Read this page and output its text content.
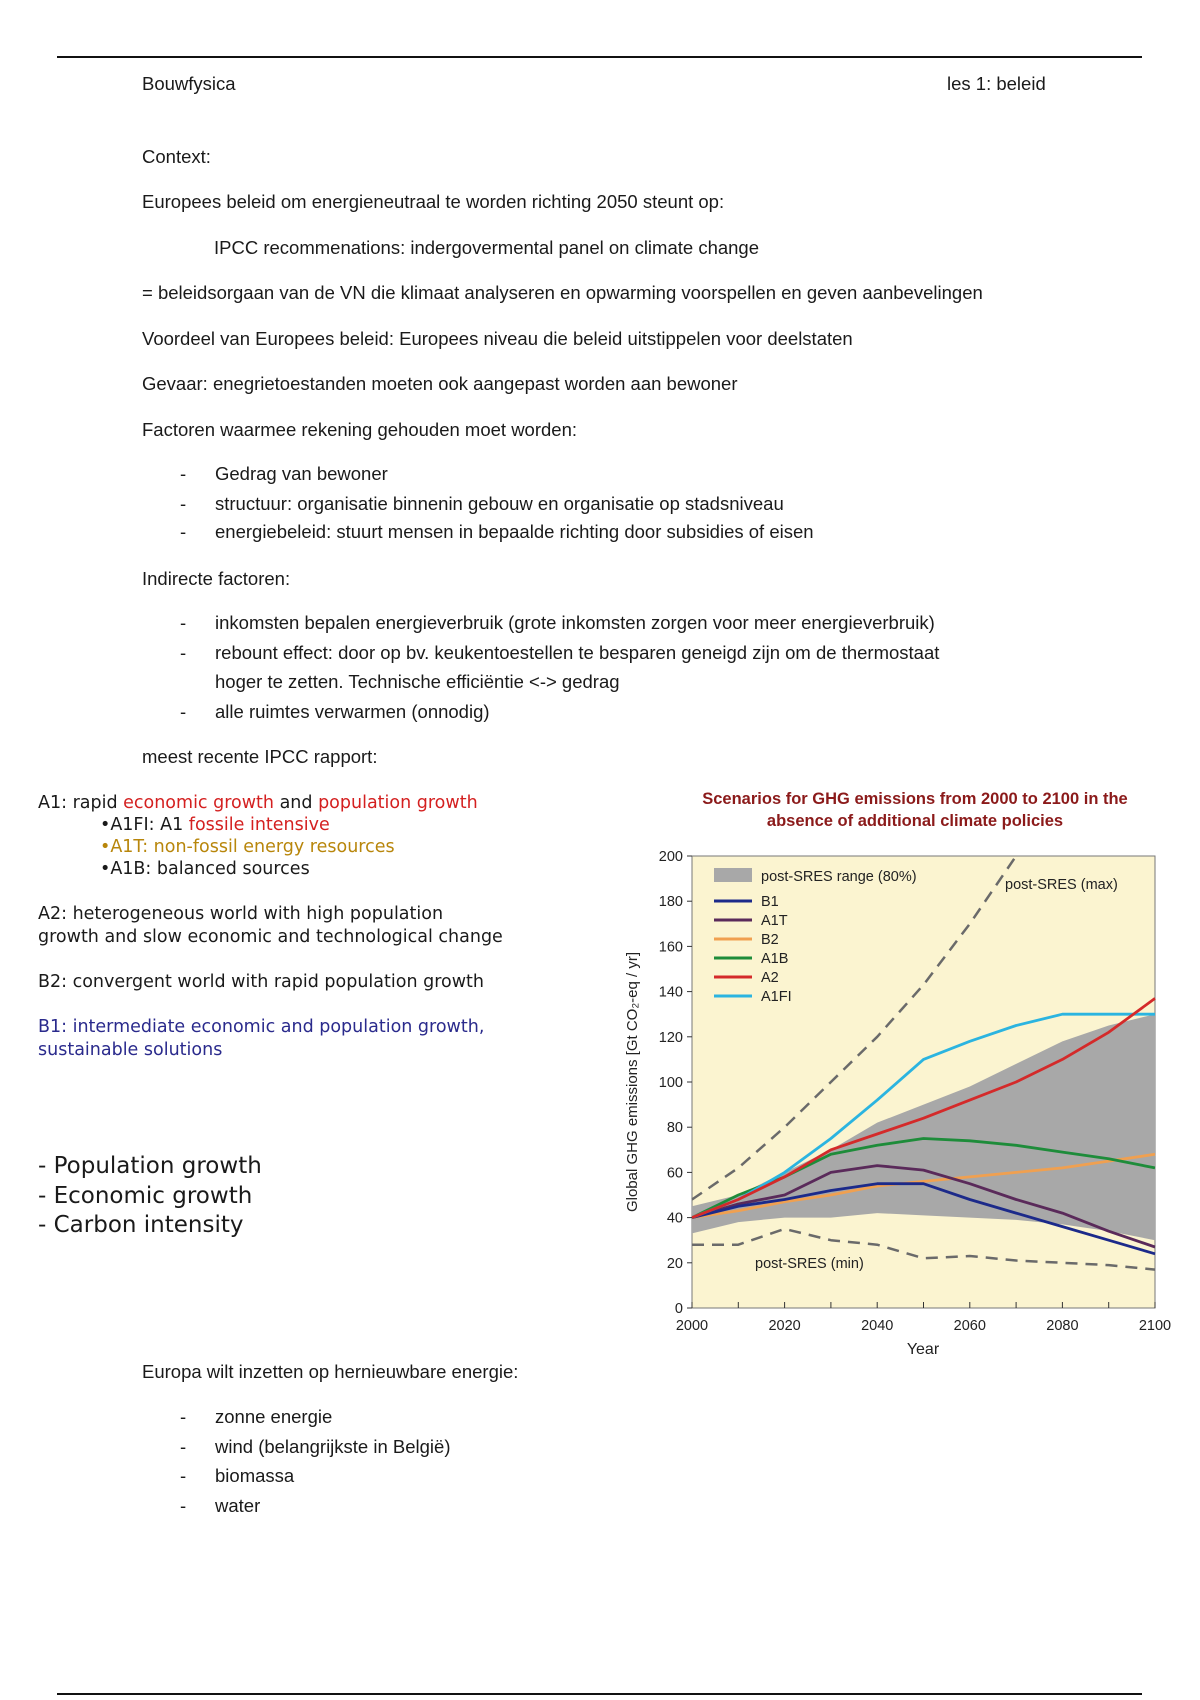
Bouwfysica	les 1: beleid
Context:
Europees beleid om energieneutraal te worden richting 2050 steunt op:
IPCC recommenations: indergovermental panel on climate change
= beleidsorgaan van de VN die klimaat analyseren en opwarming voorspellen en geven aanbevelingen
Voordeel van Europees beleid: Europees niveau die beleid uitstippelen voor deelstaten
Gevaar: enegrietoestanden moeten ook aangepast worden aan bewoner
Factoren waarmee rekening gehouden moet worden:
- Gedrag van bewoner
- structuur: organisatie binnenin gebouw en organisatie op stadsniveau
- energiebeleid: stuurt mensen in bepaalde richting door subsidies of eisen
Indirecte factoren:
- inkomsten bepalen energieverbruik (grote inkomsten zorgen voor meer energieverbruik)
- rebount effect: door op bv. keukentoestellen te besparen geneigd zijn om de thermostaat
hoger te zetten. Technische efficiëntie <-> gedrag
- alle ruimtes verwarmen (onnodig)
meest recente IPCC rapport:
A1: rapid economic growth and population growth
•A1FI: A1 fossile intensive
•A1T: non-fossil energy resources
•A1B: balanced sources
A2: heterogeneous world with high population
growth and slow economic and technological change
B2: convergent world with rapid population growth
B1: intermediate economic and population growth,
sustainable solutions
- Population growth
- Economic growth
- Carbon intensity
Scenarios for GHG emissions from 2000 to 2100 in the
absence of additional climate policies
0
20
40
60
80
100
120
140
160
180
200
2000	2020	2040	2060	2080	2100
post-SRES range (80%)
B1
A1T
B2
A1B
A2
A1FI
post-SRES (max)
post-SRES (min)
Year
Global GHG emissions [Gt CO₂-eq / yr]
Europa wilt inzetten op hernieuwbare energie:
- zonne energie
- wind (belangrijkste in België)
- biomassa
- water
